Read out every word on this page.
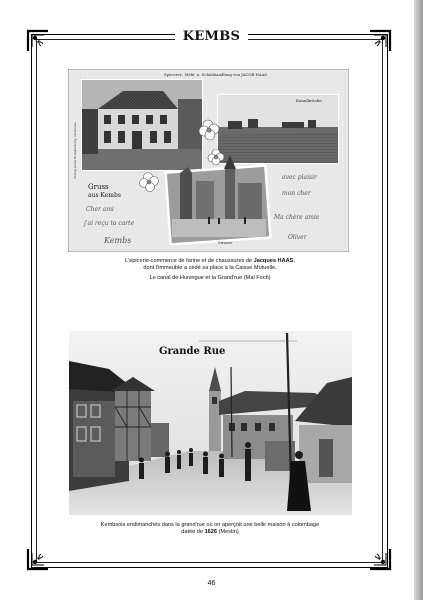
KEMBS
Specerei-, Mehl- u. Schuhhandlung von JACOB HAAS.
Verlag Jacob Brandenburg, Mulhouse
Kanalbrücke
Strasse
Gruss
aus Kembs
Cher ami
j'ai reçu ta carte
Kembs
avec plaisir
mon cher
Ma chère amie
Oliver
L'épicerie-commerce de farine et de chaussures de Jacques HAAS,
dont l'immeuble a cédé sa place à la Caisse Mutuelle.
Le canal de Huningue et la Grand'rue (Mal Foch)
Grande Rue
Kembsois endimanchés dans la grand'rue où on aperçoit une belle maison à colombage
datée de 1626 (Mestin)
46
